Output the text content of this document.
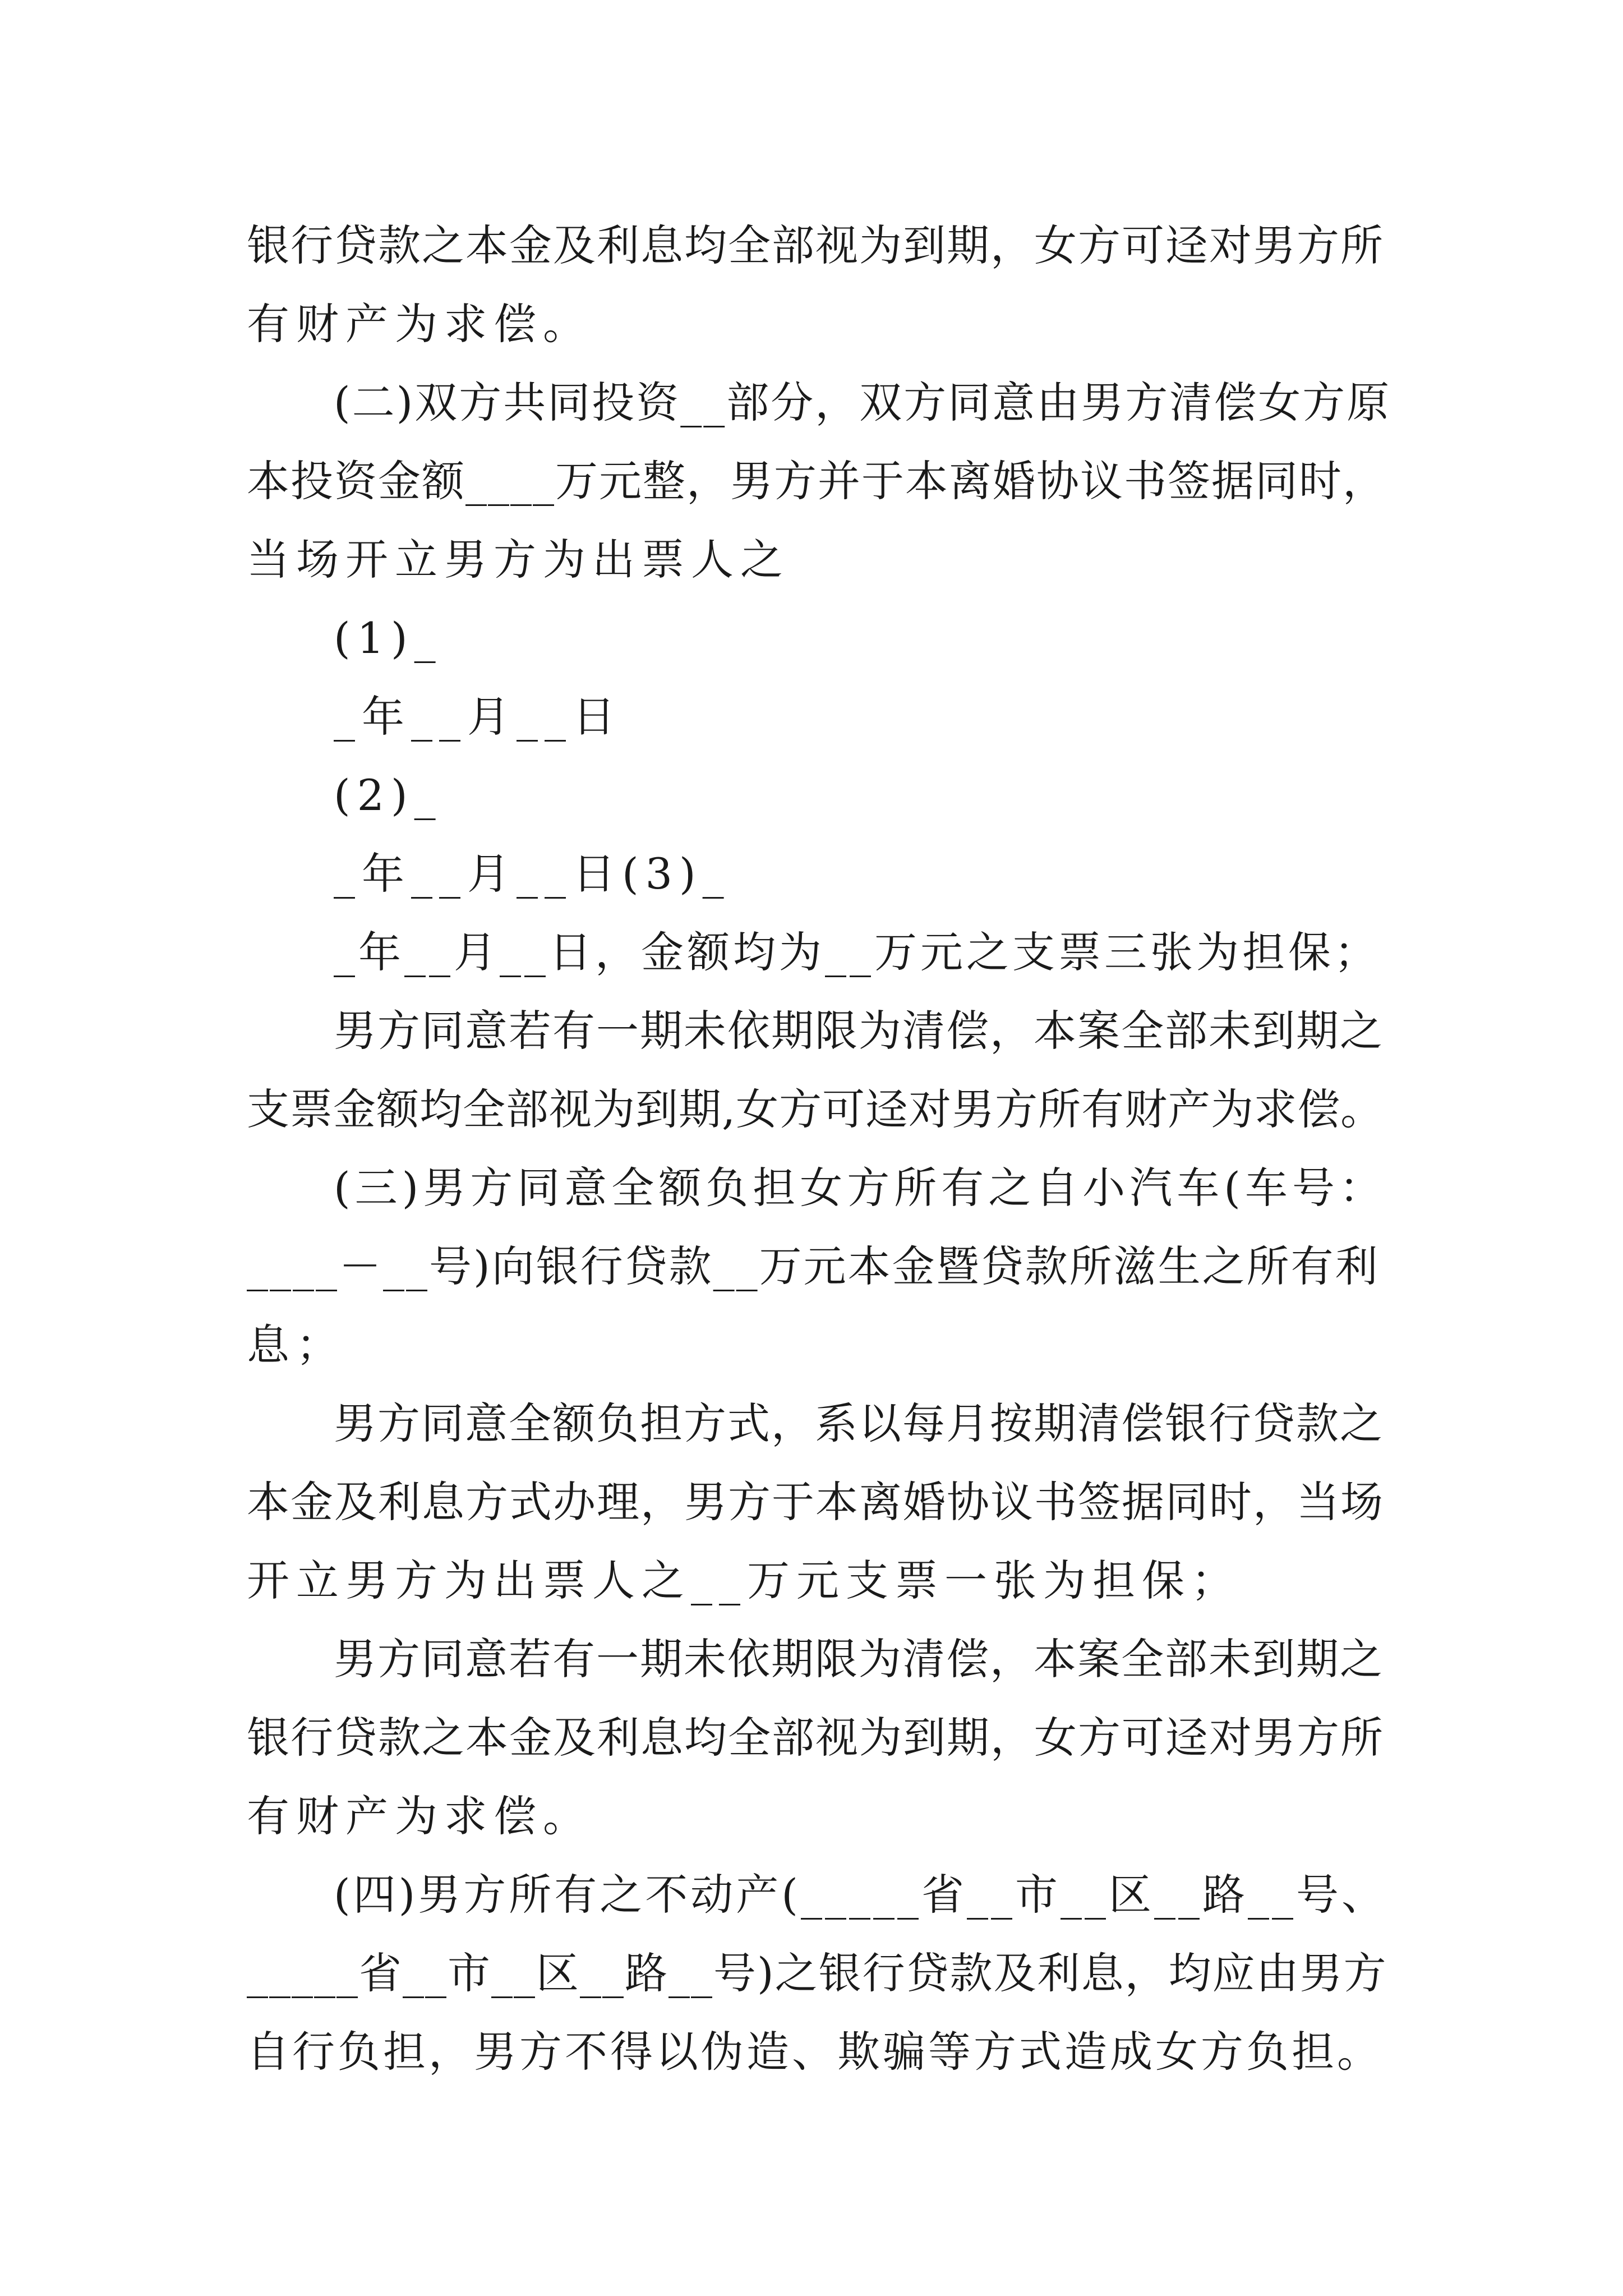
银行贷款之本金及利息均全部视为到期，女方可迳对男方所
有财产为求偿。
(二)双方共同投资__部分，双方同意由男方清偿女方原
本投资金额____万元整，男方并于本离婚协议书签据同时，
当场开立男方为出票人之
(1)_
_年__月__日
(2)_
_年__月__日(3)_
_年__月__日，金额均为__万元之支票三张为担保；
男方同意若有一期未依期限为清偿，本案全部未到期之
支票金额均全部视为到期,女方可迳对男方所有财产为求偿。
(三)男方同意全额负担女方所有之自小汽车(车号：
____－__号)向银行贷款__万元本金暨贷款所滋生之所有利
息；
男方同意全额负担方式，系以每月按期清偿银行贷款之
本金及利息方式办理，男方于本离婚协议书签据同时，当场
开立男方为出票人之__万元支票一张为担保；
男方同意若有一期未依期限为清偿，本案全部未到期之
银行贷款之本金及利息均全部视为到期，女方可迳对男方所
有财产为求偿。
(四)男方所有之不动产(_____省__市__区__路__号、
_____省__市__区__路__号)之银行贷款及利息，均应由男方
自行负担，男方不得以伪造、欺骗等方式造成女方负担。
